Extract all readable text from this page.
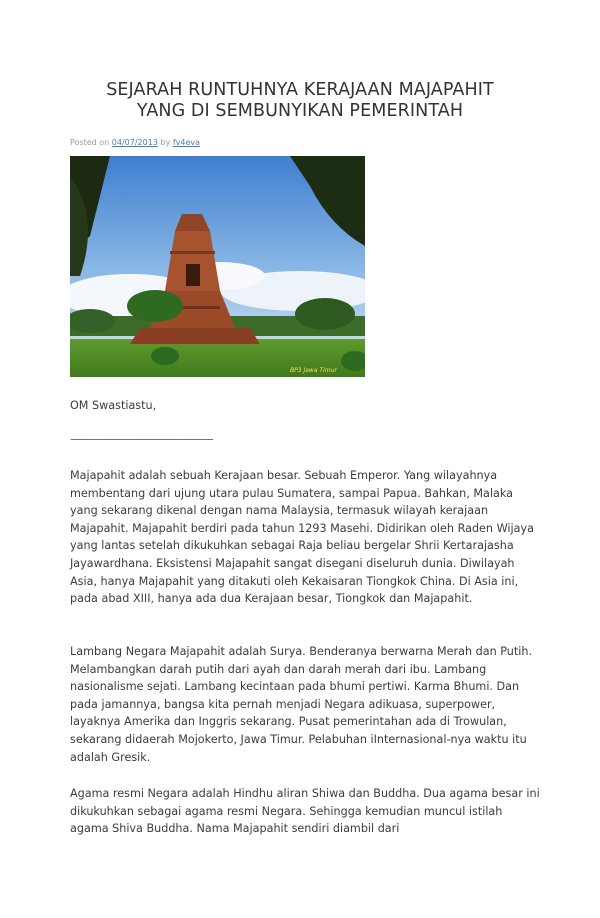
SEJARAH RUNTUHNYA KERAJAAN MAJAPAHIT
YANG DI SEMBUNYIKAN PEMERINTAH
Posted on 04/07/2013 by fv4eva
BP3 Jawa Timur

OM Swastiastu,

——————————————

Majapahit adalah sebuah Kerajaan besar. Sebuah Emperor. Yang wilayahnya membentang dari ujung utara pulau Sumatera, sampai Papua. Bahkan, Malaka yang sekarang dikenal dengan nama Malaysia, termasuk wilayah kerajaan Majapahit. Majapahit berdiri pada tahun 1293 Masehi. Didirikan oleh Raden Wijaya yang lantas setelah dikukuhkan sebagai Raja beliau bergelar Shrii Kertarajasha Jayawardhana. Eksistensi Majapahit sangat disegani diseluruh dunia. Diwilayah Asia, hanya Majapahit yang ditakuti oleh Kekaisaran Tiongkok China. Di Asia ini, pada abad XIII, hanya ada dua Kerajaan besar, Tiongkok dan Majapahit.

Lambang Negara Majapahit adalah Surya. Benderanya berwarna Merah dan Putih. Melambangkan darah putih dari ayah dan darah merah dari ibu. Lambang nasionalisme sejati. Lambang kecintaan pada bhumi pertiwi. Karma Bhumi. Dan pada jamannya, bangsa kita pernah menjadi Negara adikuasa, superpower, layaknya Amerika dan Inggris sekarang. Pusat pemerintahan ada di Trowulan, sekarang didaerah Mojokerto, Jawa Timur. Pelabuhan iInternasional-nya waktu itu adalah Gresik.

Agama resmi Negara adalah Hindhu aliran Shiwa dan Buddha. Dua agama besar ini dikukuhkan sebagai agama resmi Negara. Sehingga kemudian muncul istilah agama Shiva Buddha. Nama Majapahit sendiri diambil dari
